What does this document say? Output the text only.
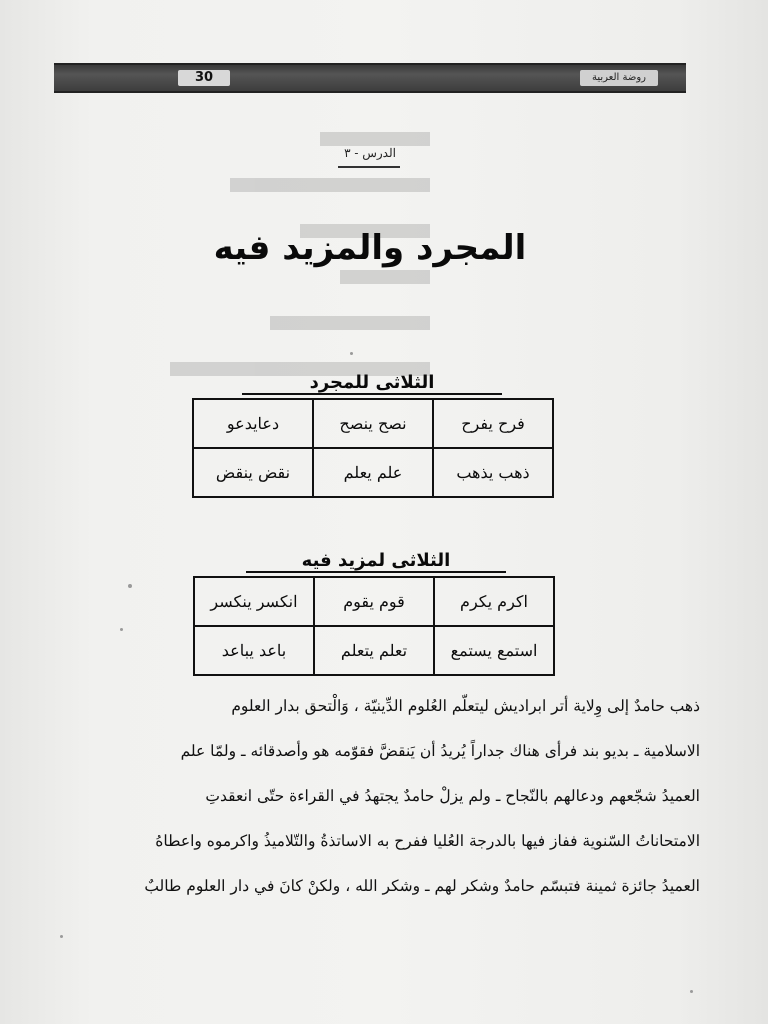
30	روضة العربية
الدرس - ٣
المجرد والمزيد فيه
الثلاثى للمجرد
فرح يفرح	نصح ينصح	دعايدعو
ذهب يذهب	علم يعلم	نقض ينقض
الثلاثى لمزيد فيه
اكرم يكرم	قوم يقوم	انكسر ينكسر
استمع يستمع	تعلم يتعلم	باعد يباعد
ذهب حامدٌ إلى وِلاية أتر ابراديش ليتعلّم العُلوم الدِّينيّة ، وَالْتحق بدار العلوم
الاسلامية ـ بديو بند فرأى هناك جداراً يُريدُ أن يَنقضَّ فقوّمه هو وأصدقائه ـ ولمّا علم
العميدُ شجّعهم ودعالهم بالنّجاح ـ ولم يزلْ حامدٌ يجتهدُ في القراءة حتّى انعقدتِ
الامتحاناتُ السّنوية ففاز فيها بالدرجة العُليا ففرح به الاساتذةُ والتّلاميذُ واكرموه واعطاهُ
العميدُ جائزة ثمينة فتبسّم حامدٌ وشكر لهم ـ وشكر الله ، ولكنْ كانَ في دار العلوم طالبٌ
